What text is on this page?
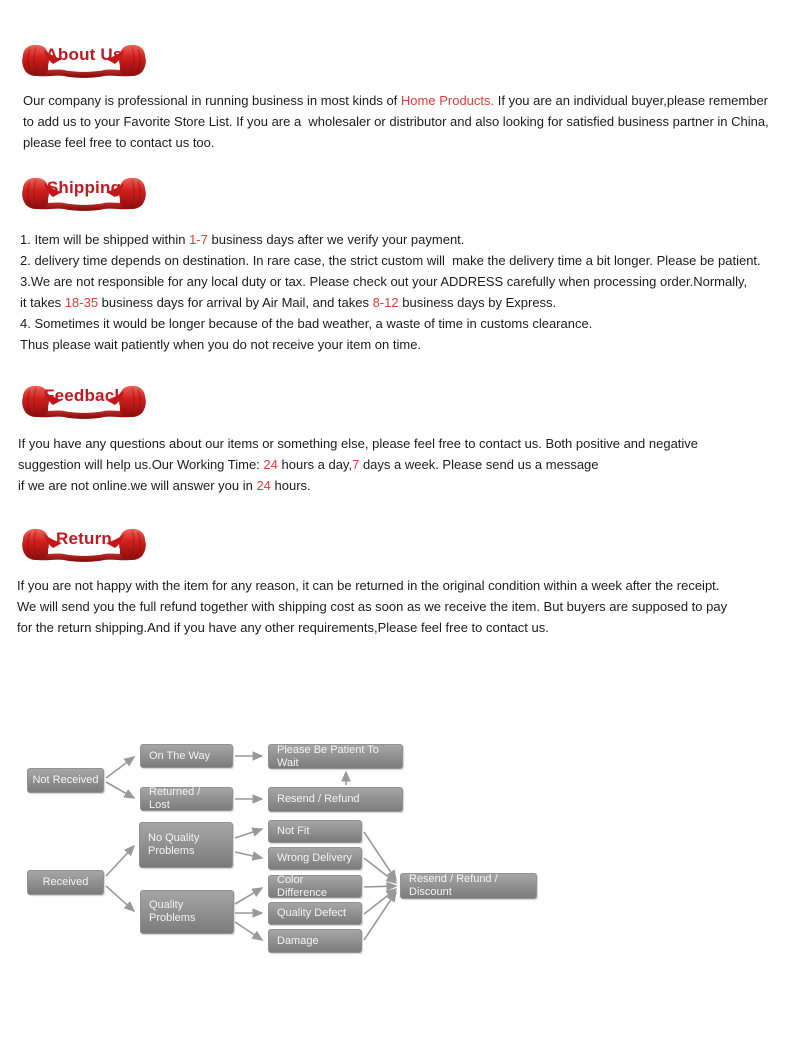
About Us
Our company is professional in running business in most kinds of Home Products. If you are an individual buyer,please remember
to add us to your Favorite Store List. If you are a  wholesaler or distributor and also looking for satisfied business partner in China,
please feel free to contact us too.
Shipping
1. Item will be shipped within 1-7 business days after we verify your payment.
2. delivery time depends on destination. In rare case, the strict custom will  make the delivery time a bit longer. Please be patient.
3.We are not responsible for any local duty or tax. Please check out your ADDRESS carefully when processing order.Normally,
it takes 18-35 business days for arrival by Air Mail, and takes 8-12 business days by Express.
4. Sometimes it would be longer because of the bad weather, a waste of time in customs clearance.
Thus please wait patiently when you do not receive your item on time.
Feedback
If you have any questions about our items or something else, please feel free to contact us. Both positive and negative
suggestion will help us.Our Working Time: 24 hours a day,7 days a week. Please send us a message
if we are not online.we will answer you in 24 hours.
Return
If you are not happy with the item for any reason, it can be returned in the original condition within a week after the receipt.
We will send you the full refund together with shipping cost as soon as we receive the item. But buyers are supposed to pay
for the return shipping.And if you have any other requirements,Please feel free to contact us.
Not Received
On The Way	Please Be Patient To Wait
Returned / Lost	Resend / Refund
No Quality Problems
Received
Quality Problems
Not Fit
Wrong Delivery
Color Difference
Quality Defect
Damage
Resend / Refund / Discount
